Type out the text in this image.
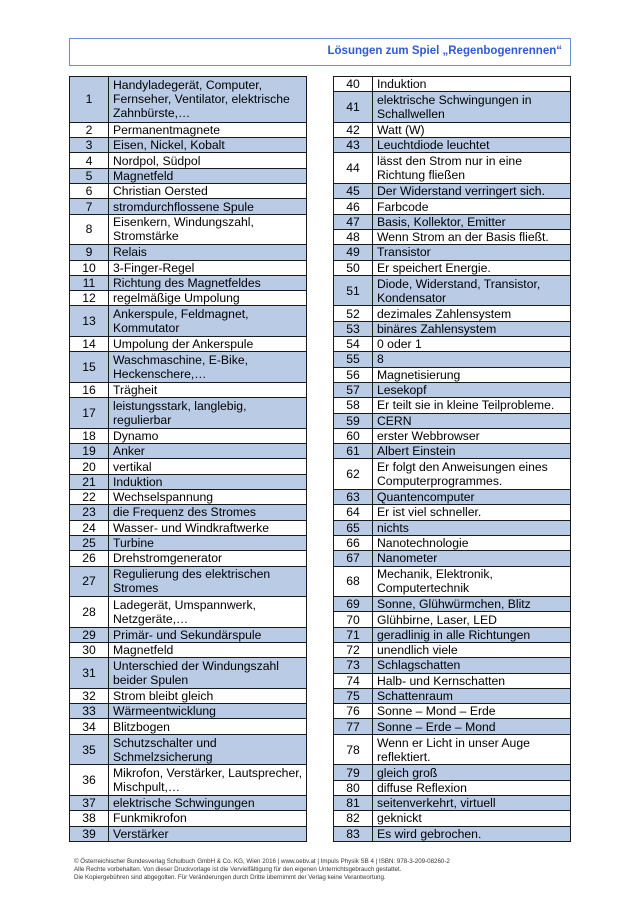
Lösungen zum Spiel „Regenbogenrennen“
1	Handyladegerät, Computer, Fernseher, Ventilator, elektrische Zahnbürste,…
2	Permanentmagnete
3	Eisen, Nickel, Kobalt
4	Nordpol, Südpol
5	Magnetfeld
6	Christian Oersted
7	stromdurchflossene Spule
8	Eisenkern, Windungszahl, Stromstärke
9	Relais
10	3-Finger-Regel
11	Richtung des Magnetfeldes
12	regelmäßige Umpolung
13	Ankerspule, Feldmagnet, Kommutator
14	Umpolung der Ankerspule
15	Waschmaschine, E-Bike, Heckenschere,…
16	Trägheit
17	leistungsstark, langlebig, regulierbar
18	Dynamo
19	Anker
20	vertikal
21	Induktion
22	Wechselspannung
23	die Frequenz des Stromes
24	Wasser- und Windkraftwerke
25	Turbine
26	Drehstromgenerator
27	Regulierung des elektrischen Stromes
28	Ladegerät, Umspannwerk, Netzgeräte,…
29	Primär- und Sekundärspule
30	Magnetfeld
31	Unterschied der Windungszahl beider Spulen
32	Strom bleibt gleich
33	Wärmeentwicklung
34	Blitzbogen
35	Schutzschalter und Schmelzsicherung
36	Mikrofon, Verstärker, Lautsprecher, Mischpult,…
37	elektrische Schwingungen
38	Funkmikrofon
39	Verstärker
40	Induktion
41	elektrische Schwingungen in Schallwellen
42	Watt (W)
43	Leuchtdiode leuchtet
44	lässt den Strom nur in eine Richtung fließen
45	Der Widerstand verringert sich.
46	Farbcode
47	Basis, Kollektor, Emitter
48	Wenn Strom an der Basis fließt.
49	Transistor
50	Er speichert Energie.
51	Diode, Widerstand, Transistor, Kondensator
52	dezimales Zahlensystem
53	binäres Zahlensystem
54	0 oder 1
55	8
56	Magnetisierung
57	Lesekopf
58	Er teilt sie in kleine Teilprobleme.
59	CERN
60	erster Webbrowser
61	Albert Einstein
62	Er folgt den Anweisungen eines Computerprogrammes.
63	Quantencomputer
64	Er ist viel schneller.
65	nichts
66	Nanotechnologie
67	Nanometer
68	Mechanik, Elektronik, Computertechnik
69	Sonne, Glühwürmchen, Blitz
70	Glühbirne, Laser, LED
71	geradlinig in alle Richtungen
72	unendlich viele
73	Schlagschatten
74	Halb- und Kernschatten
75	Schattenraum
76	Sonne – Mond – Erde
77	Sonne – Erde – Mond
78	Wenn er Licht in unser Auge reflektiert.
79	gleich groß
80	diffuse Reflexion
81	seitenverkehrt, virtuell
82	geknickt
83	Es wird gebrochen.
© Österreichischer Bundesverlag Schulbuch GmbH & Co. KG, Wien 2016 | www.oebv.at | Impuls Physik SB 4 | ISBN: 978-3-209-08260-2
Alle Rechte vorbehalten. Von dieser Druckvorlage ist die Vervielfältigung für den eigenen Unterrichtsgebrauch gestattet.
Die Kopiergebühren sind abgegolten. Für Veränderungen durch Dritte übernimmt der Verlag keine Verantwortung.
